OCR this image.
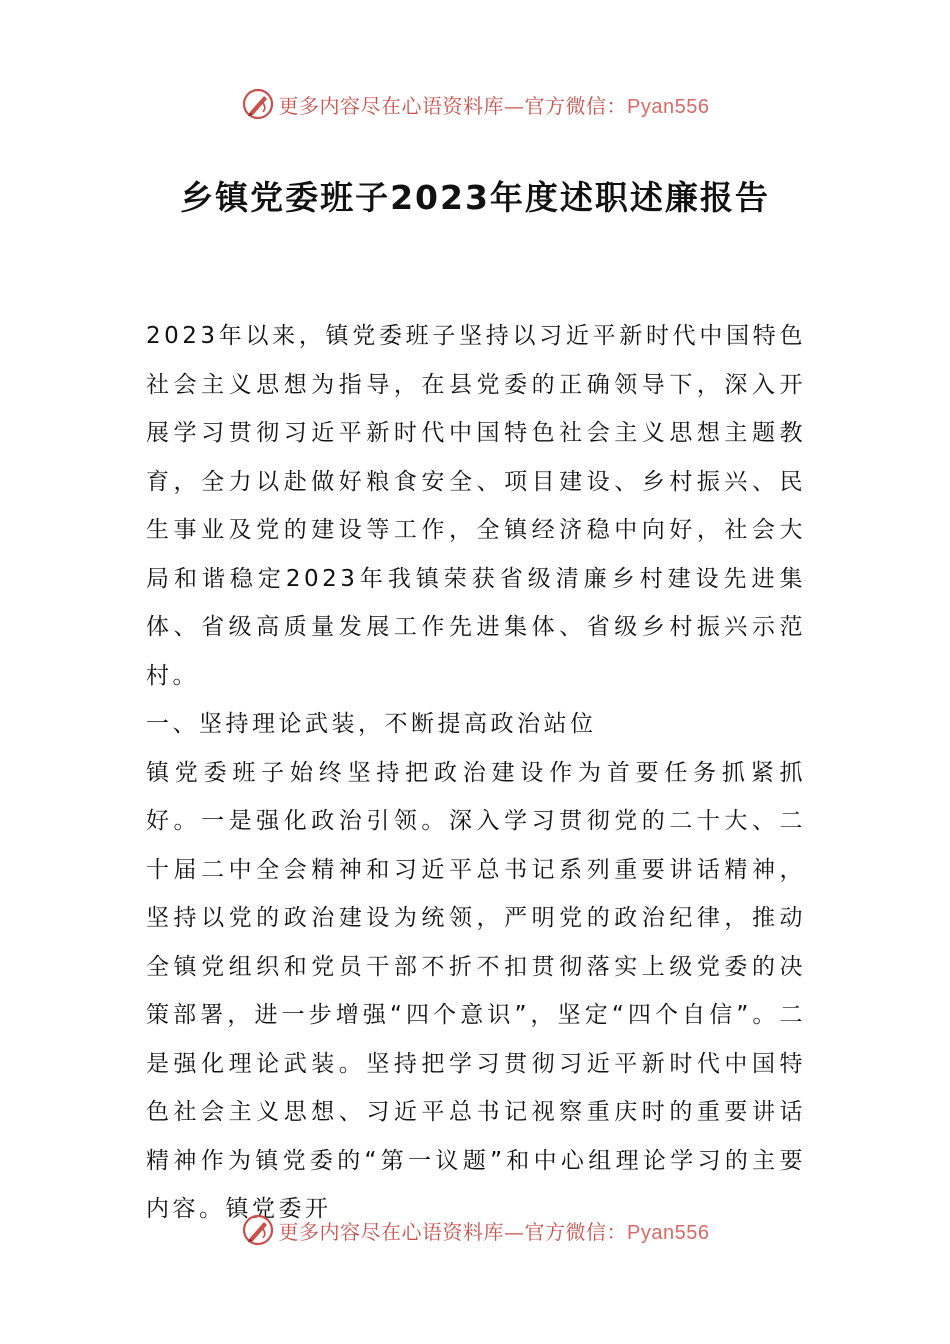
更多内容尽在心语资料库—官方微信：Pyan556
乡镇党委班子2023年度述职述廉报告

2023年以来，镇党委班子坚持以习近平新时代中国特色社会主义思想为指导，在县党委的正确领导下，深入开展学习贯彻习近平新时代中国特色社会主义思想主题教育，全力以赴做好粮食安全、项目建设、乡村振兴、民生事业及党的建设等工作，全镇经济稳中向好，社会大局和谐稳定2023年我镇荣获省级清廉乡村建设先进集体、省级高质量发展工作先进集体、省级乡村振兴示范村。

一、坚持理论武装，不断提高政治站位

镇党委班子始终坚持把政治建设作为首要任务抓紧抓好。一是强化政治引领。深入学习贯彻党的二十大、二十届二中全会精神和习近平总书记系列重要讲话精神，坚持以党的政治建设为统领，严明党的政治纪律，推动全镇党组织和党员干部不折不扣贯彻落实上级党委的决策部署，进一步增强“四个意识”，坚定“四个自信”。二是强化理论武装。坚持把学习贯彻习近平新时代中国特色社会主义思想、习近平总书记视察重庆时的重要讲话精神作为镇党委的“第一议题”和中心组理论学习的主要内容。镇党委开

更多内容尽在心语资料库—官方微信：Pyan556
